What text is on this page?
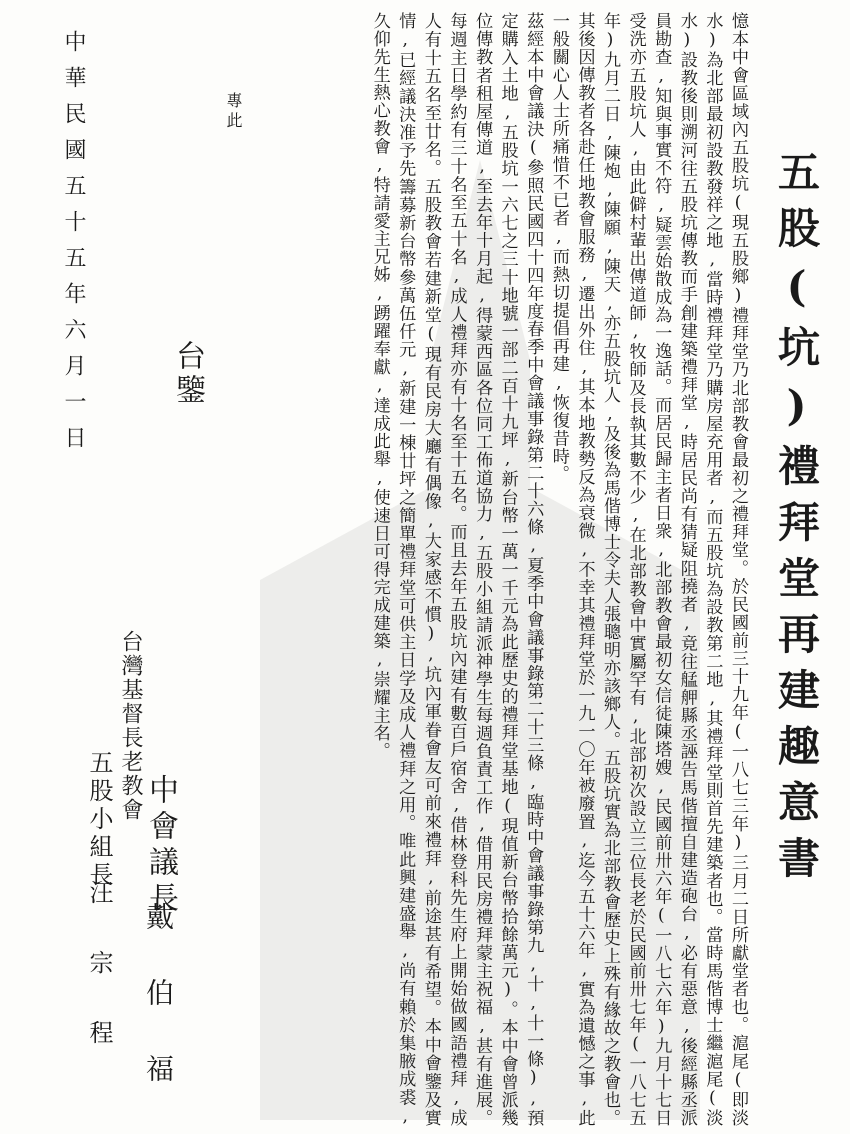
五股(坑)禮拜堂再建趣意書

憶本中會區域內五股坑(現五股鄉)禮拜堂乃北部教會最初之禮拜堂。於民國前三十九年(一八七三年)三月二日所獻堂者也。滬尾(即淡水)為北部最初設教發祥之地,當時禮拜堂乃購房屋充用者,而五股坑為設教第二地,其禮拜堂則首先建築者也。當時馬偕博士繼滬尾(淡水)設教後則溯河往五股坑傳教而手創建築禮拜堂,時居民尚有猜疑阻撓者,竟往艋舺縣丞誣告馬偕擅自建造砲台,必有惡意,後經縣丞派員勘查,知與事實不符,疑雲始散成為一逸話。而居民歸主者日衆,北部教會最初女信徒陳塔嫂,民國前卅六年(一八七六年)九月十七日受洗亦五股坑人,由此僻村輩出傳道師,牧師及長執其數不少,在北部教會中實屬罕有,北部初次設立三位長老於民國前卅七年(一八七五年)九月二日,陳炮,陳願,陳天,亦五股坑人,及後為馬偕博士令夫人張聰明亦該鄉人。五股坑實為北部教會歷史上殊有緣故之教會也。其後因傳教者各赴任地教會服務,遷出外住,其本地教勢反為衰微,不幸其禮拜堂於一九一〇年被廢置,迄今五十六年,實為遺憾之事,此一般關心人士所痛惜不已者,而熱切提倡再建,恢復昔時。

茲經本中會議決(參照民國四十四年度春季中會議事錄第二十六條,夏季中會議事錄第二十三條,臨時中會議事錄第九,十,十一條),預定購入土地,五股坑一六七之三十地號一部二百十九坪,新台幣一萬一千元為此歷史的禮拜堂基地(現值新台幣拾餘萬元)。本中會曾派幾位傳教者租屋傳道,至去年十月起,得蒙西區各位同工佈道協力,五股小組請派神學生每週負責工作,借用民房禮拜蒙主祝福,甚有進展。每週主日學約有三十名至五十名,成人禮拜亦有十名至十五名。而且去年五股坑內建有數百戶宿舍,借林登科先生府上開始做國語禮拜,成人有十五名至廿名。五股教會若建新堂(現有民房大廳有偶像,大家感不慣),坑內軍眷會友可前來禮拜,前途甚有希望。本中會鑒及實情,已經議決准予先籌募新台幣參萬伍仟元,新建一棟廿坪之簡單禮拜堂可供主日学及成人禮拜之用。唯此興建盛舉,尚有賴於集腋成裘,久仰先生熱心教會,特請愛主兄姊,踴躍奉獻,達成此舉,使速日可得完成建築,崇耀主名。

專此
台鑒
台灣基督
長老教會 中會議長
戴伯福
五股小組長
汪宗程
中華民國五十五年六月一日
